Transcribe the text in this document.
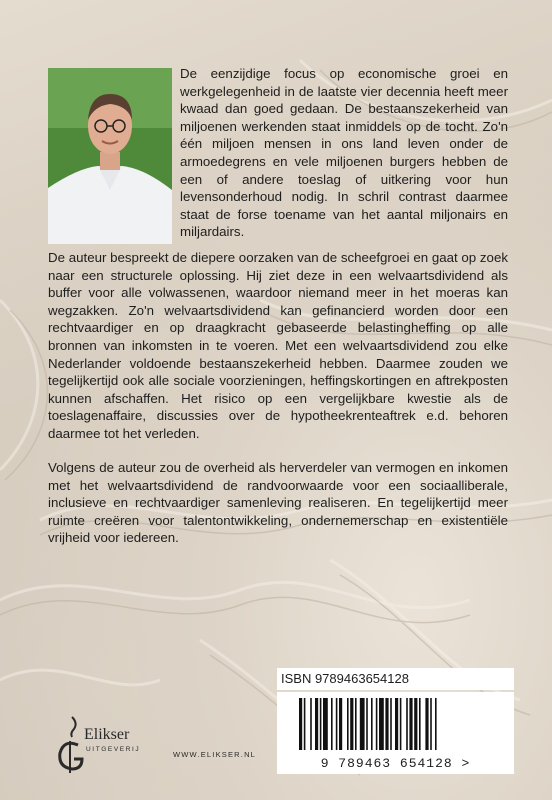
De eenzijdige focus op economische groei en werkgelegenheid in de laatste vier decennia heeft meer kwaad dan goed gedaan. De bestaanszekerheid van miljoenen werkenden staat inmiddels op de tocht. Zo'n één miljoen mensen in ons land leven onder de armoedegrens en vele miljoenen burgers hebben de een of andere toeslag of uitkering voor hun levensonderhoud nodig. In schril contrast daarmee staat de forse toename van het aantal miljonairs en miljardairs.

De auteur bespreekt de diepere oorzaken van de scheefgroei en gaat op zoek naar een structurele oplossing. Hij ziet deze in een welvaartsdividend als buffer voor alle volwassenen, waardoor niemand meer in het moeras kan wegzakken. Zo'n welvaartsdividend kan gefinancierd worden door een rechtvaardiger en op draagkracht gebaseerde belastingheffing op alle bronnen van inkomsten in te voeren. Met een welvaartsdividend zou elke Nederlander voldoende bestaanszekerheid hebben. Daarmee zouden we tegelijkertijd ook alle sociale voorzieningen, heffingskortingen en aftrekposten kunnen afschaffen. Het risico op een vergelijkbare kwestie als de toeslagenaffaire, discussies over de hypotheekrenteaftrek e.d. behoren daarmee tot het verleden.

Volgens de auteur zou de overheid als herverdeler van vermogen en inkomen met het welvaartsdividend de randvoorwaarde voor een sociaalliberale, inclusieve en rechtvaardiger samenleving realiseren. En tegelijkertijd meer ruimte creëren voor talentontwikkeling, ondernemerschap en existentiële vrijheid voor iedereen.

ISBN 9789463654128
9 789463 654128 >
Elikser
UITGEVERIJ
WWW.ELIKSER.NL
